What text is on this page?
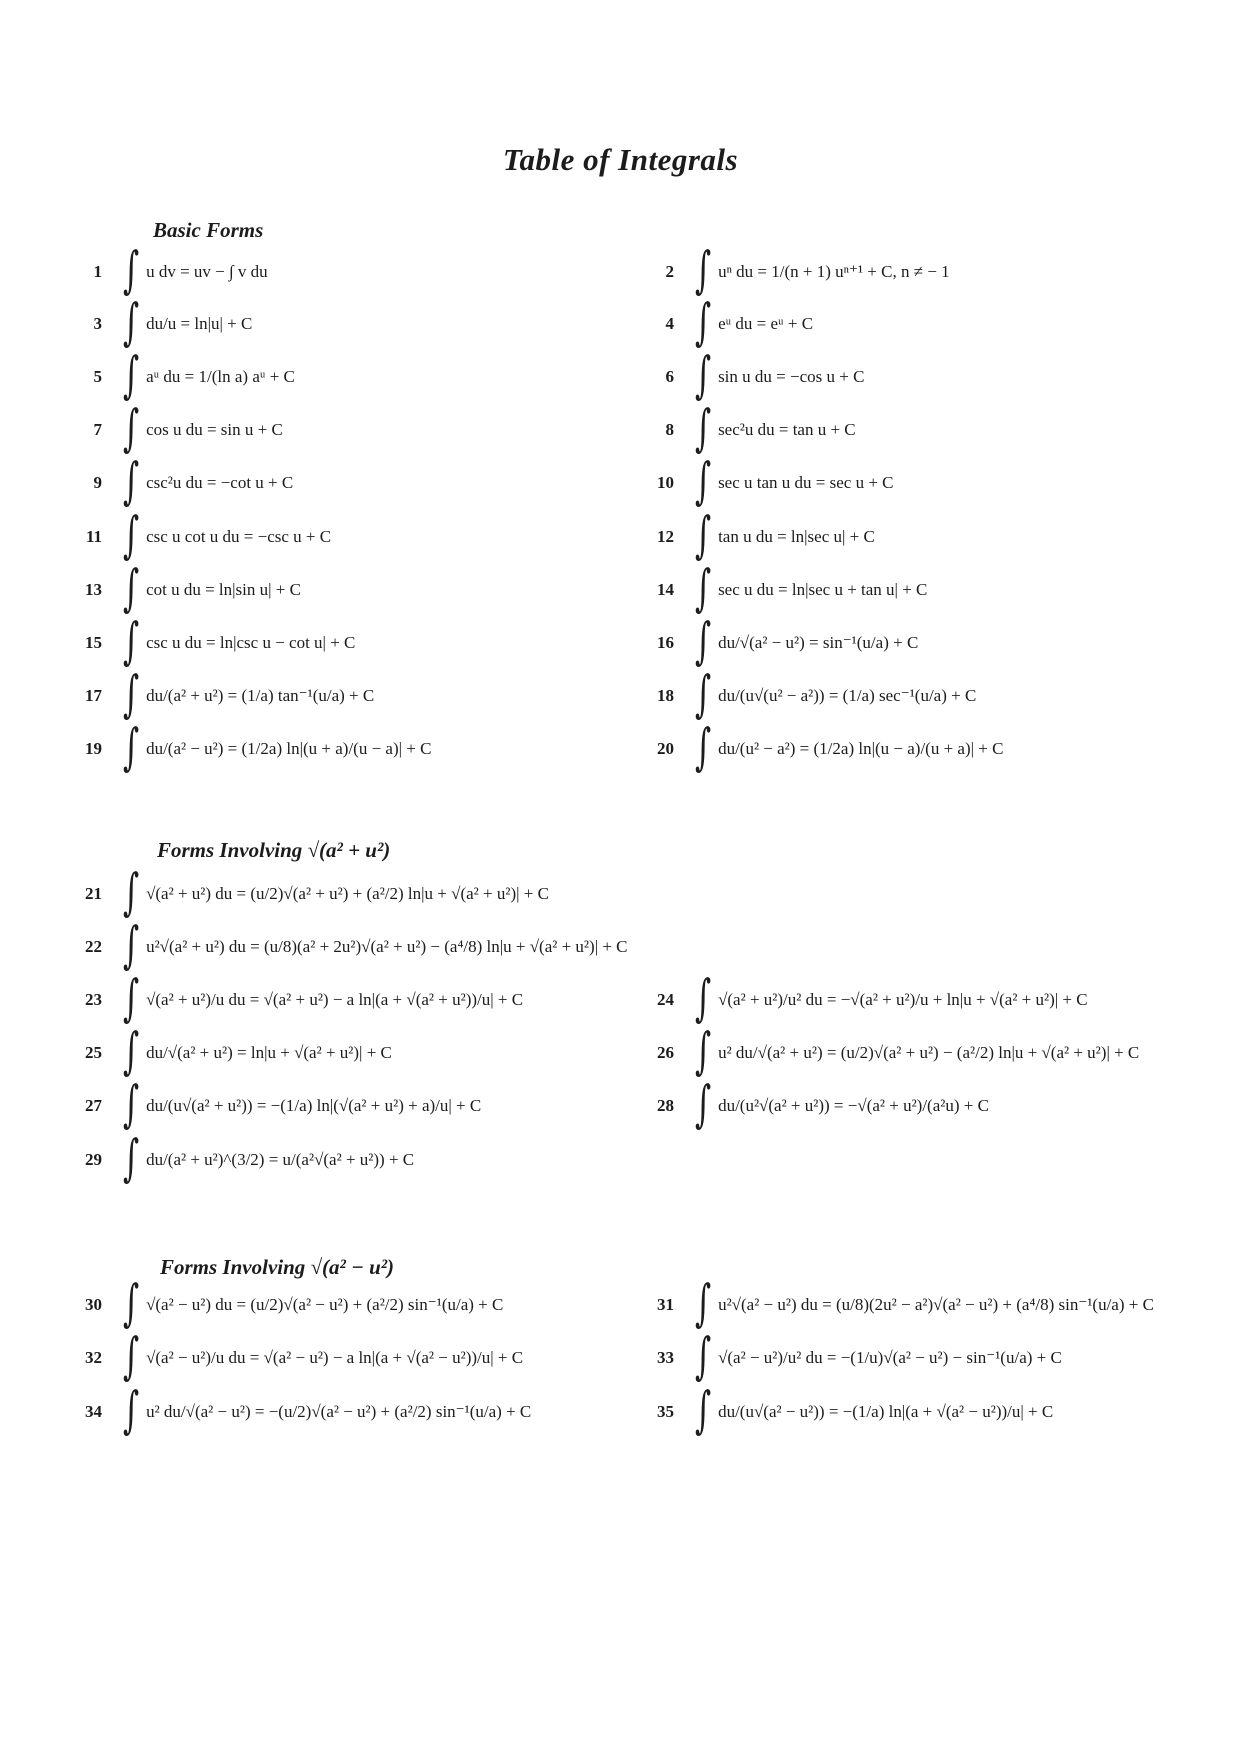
Table of Integrals
Basic Forms
Forms Involving √(a² + u²)
Forms Involving √(a² − u²)
1 ∫ u dv = uv − ∫ v du	2 ∫ uⁿ du = 1/(n + 1) uⁿ⁺¹ + C, n ≠ − 1
3 ∫ du/u = ln|u| + C	4 ∫ eᵘ du = eᵘ + C
5 ∫ aᵘ du = 1/(ln a) aᵘ + C	6 ∫ sin u du = −cos u + C
7 ∫ cos u du = sin u + C	8 ∫ sec²u du = tan u + C
9 ∫ csc²u du = −cot u + C	10 ∫ sec u tan u du = sec u + C
11 ∫ csc u cot u du = −csc u + C	12 ∫ tan u du = ln|sec u| + C
13 ∫ cot u du = ln|sin u| + C	14 ∫ sec u du = ln|sec u + tan u| + C
15 ∫ csc u du = ln|csc u − cot u| + C	16 ∫ du/√(a² − u²) = sin⁻¹(u/a) + C
17 ∫ du/(a² + u²) = (1/a) tan⁻¹(u/a) + C	18 ∫ du/(u√(u² − a²)) = (1/a) sec⁻¹(u/a) + C
19 ∫ du/(a² − u²) = (1/2a) ln|(u + a)/(u − a)| + C	20 ∫ du/(u² − a²) = (1/2a) ln|(u − a)/(u + a)| + C
21 ∫ √(a² + u²) du = (u/2)√(a² + u²) + (a²/2) ln|u + √(a² + u²)| + C
22 ∫ u²√(a² + u²) du = (u/8)(a² + 2u²)√(a² + u²) − (a⁴/8) ln|u + √(a² + u²)| + C
23 ∫ √(a² + u²)/u du = √(a² + u²) − a ln|(a + √(a² + u²))/u| + C	24 ∫ √(a² + u²)/u² du = −√(a² + u²)/u + ln|u + √(a² + u²)| + C
25 ∫ du/√(a² + u²) = ln|u + √(a² + u²)| + C	26 ∫ u² du/√(a² + u²) = (u/2)√(a² + u²) − (a²/2) ln|u + √(a² + u²)| + C
27 ∫ du/(u√(a² + u²)) = −(1/a) ln|(√(a² + u²) + a)/u| + C	28 ∫ du/(u²√(a² + u²)) = −√(a² + u²)/(a²u) + C
29 ∫ du/(a² + u²)^(3/2) = u/(a²√(a² + u²)) + C
30 ∫ √(a² − u²) du = (u/2)√(a² − u²) + (a²/2) sin⁻¹(u/a) + C	31 ∫ u²√(a² − u²) du = (u/8)(2u² − a²)√(a² − u²) + (a⁴/8) sin⁻¹(u/a) + C
32 ∫ √(a² − u²)/u du = √(a² − u²) − a ln|(a + √(a² − u²))/u| + C	33 ∫ √(a² − u²)/u² du = −(1/u)√(a² − u²) − sin⁻¹(u/a) + C
34 ∫ u² du/√(a² − u²) = −(u/2)√(a² − u²) + (a²/2) sin⁻¹(u/a) + C	35 ∫ du/(u√(a² − u²)) = −(1/a) ln|(a + √(a² − u²))/u| + C
